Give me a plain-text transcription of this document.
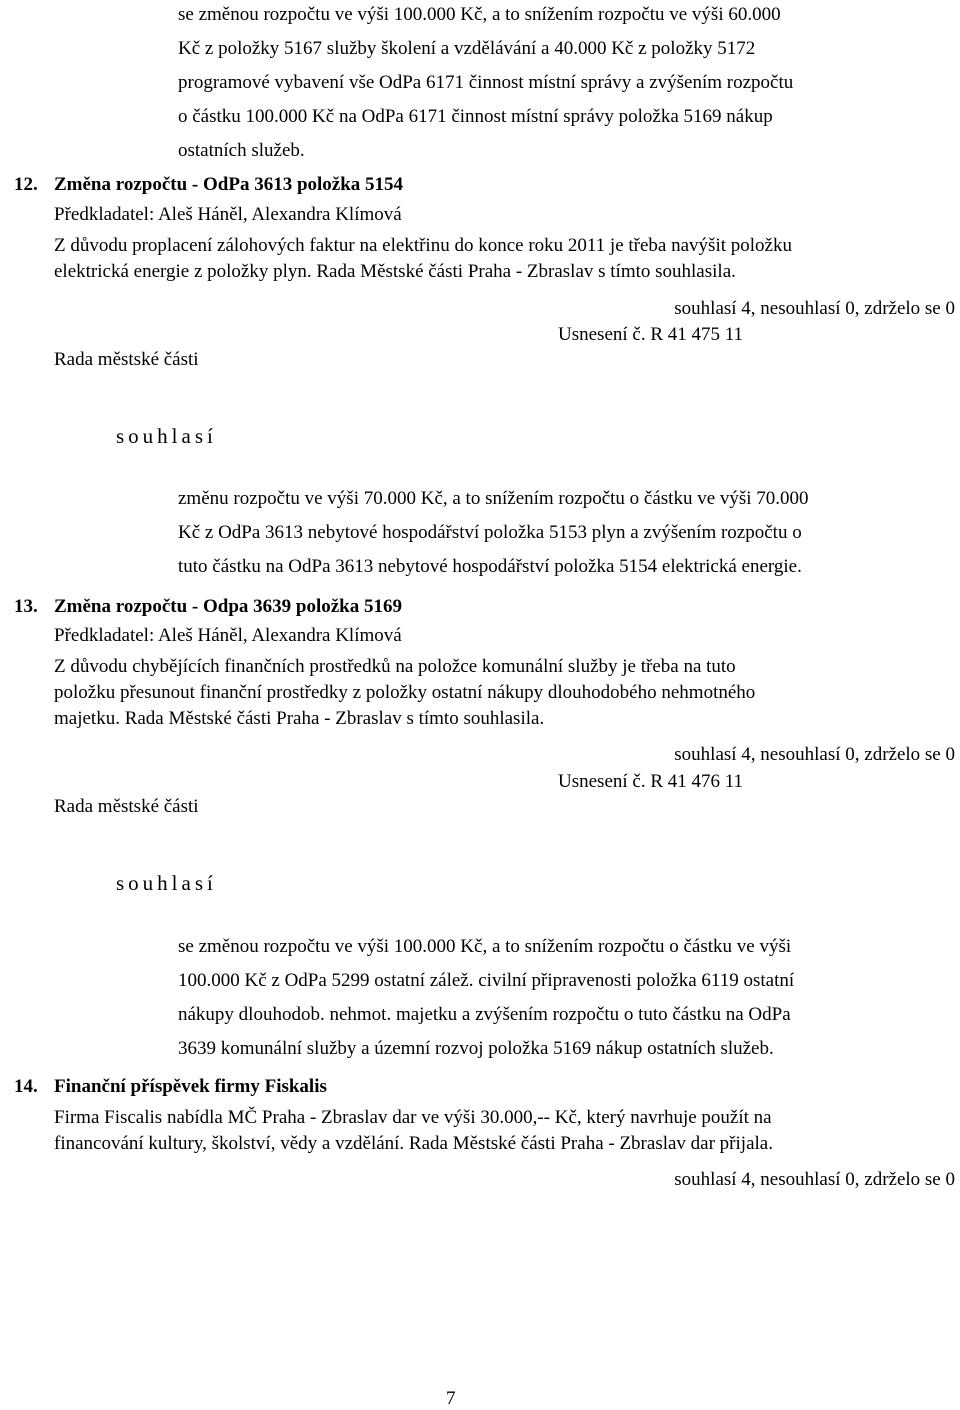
se změnou rozpočtu ve výši 100.000 Kč, a to snížením rozpočtu ve výši 60.000
Kč z položky 5167 služby školení a vzdělávání a 40.000 Kč z položky 5172
programové vybavení vše OdPa 6171 činnost místní správy a zvýšením rozpočtu
o částku 100.000 Kč na OdPa 6171 činnost místní správy položka 5169 nákup
ostatních služeb.
12. Změna rozpočtu - OdPa 3613 položka 5154
Předkladatel: Aleš Háněl, Alexandra Klímová
Z důvodu proplacení zálohových faktur na elektřinu do konce roku 2011 je třeba navýšit položku
elektrická energie z položky plyn. Rada Městské části Praha - Zbraslav s tímto souhlasila.
souhlasí 4, nesouhlasí 0, zdrželo se 0
Usnesení č. R 41 475 11
Rada městské části
souhlasí
změnu rozpočtu ve výši 70.000 Kč, a to snížením rozpočtu o částku ve výši 70.000
Kč z OdPa 3613 nebytové hospodářství položka 5153 plyn a zvýšením rozpočtu o
tuto částku na OdPa 3613 nebytové hospodářství položka 5154 elektrická energie.
13. Změna rozpočtu - Odpa 3639 položka 5169
Předkladatel: Aleš Háněl, Alexandra Klímová
Z důvodu chybějících finančních prostředků na položce komunální služby je třeba na tuto
položku přesunout finanční prostředky z položky ostatní nákupy dlouhodobého nehmotného
majetku. Rada Městské části Praha - Zbraslav s tímto souhlasila.
souhlasí 4, nesouhlasí 0, zdrželo se 0
Usnesení č. R 41 476 11
Rada městské části
souhlasí
se změnou rozpočtu ve výši 100.000 Kč, a to snížením rozpočtu o částku ve výši
100.000 Kč z OdPa 5299 ostatní zálež. civilní připravenosti položka 6119 ostatní
nákupy dlouhodob. nehmot. majetku a zvýšením rozpočtu o tuto částku na OdPa
3639 komunální služby a územní rozvoj položka 5169 nákup ostatních služeb.
14. Finanční příspěvek firmy Fiskalis
Firma Fiscalis nabídla MČ Praha - Zbraslav dar ve výši 30.000,-- Kč, který navrhuje použít na
financování kultury, školství, vědy a vzdělání. Rada Městské části Praha - Zbraslav dar přijala.
souhlasí 4, nesouhlasí 0, zdrželo se 0
7
